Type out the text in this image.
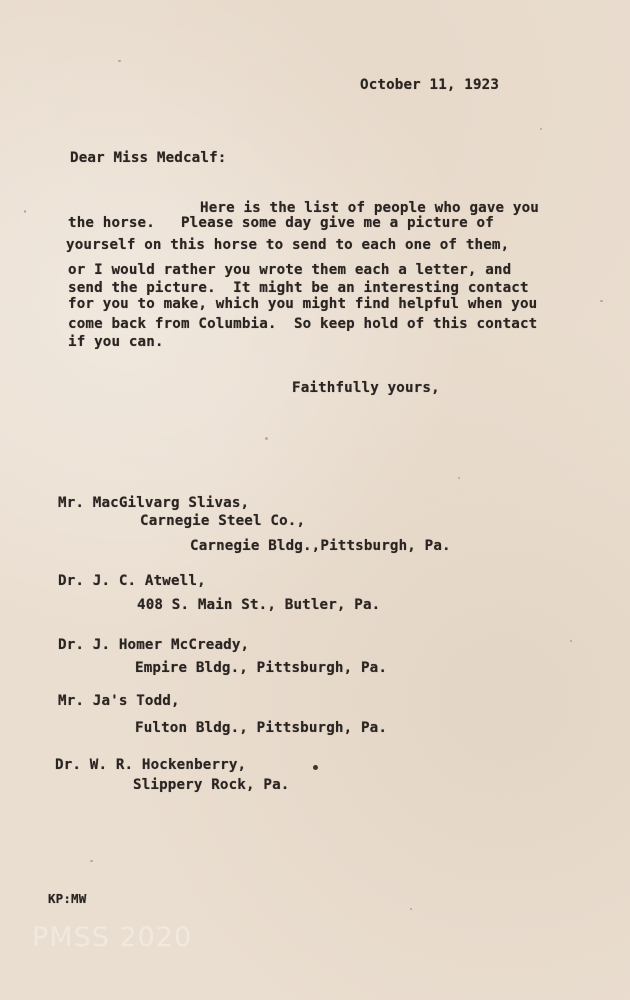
October 11, 1923
Dear Miss Medcalf:
Here is the list of people who gave you
the horse.   Please some day give me a picture of
yourself on this horse to send to each one of them,
or I would rather you wrote them each a letter, and
send the picture.  It might be an interesting contact
for you to make, which you might find helpful when you
come back from Columbia.  So keep hold of this contact
if you can.
Faithfully yours,
Mr. MacGilvarg Slivas,
Carnegie Steel Co.,
Carnegie Bldg.,Pittsburgh, Pa.
Dr. J. C. Atwell,
408 S. Main St., Butler, Pa.
Dr. J. Homer McCready,
Empire Bldg., Pittsburgh, Pa.
Mr. Ja's Todd,
Fulton Bldg., Pittsburgh, Pa.
Dr. W. R. Hockenberry,
Slippery Rock, Pa.
KP:MW
PMSS 2020
